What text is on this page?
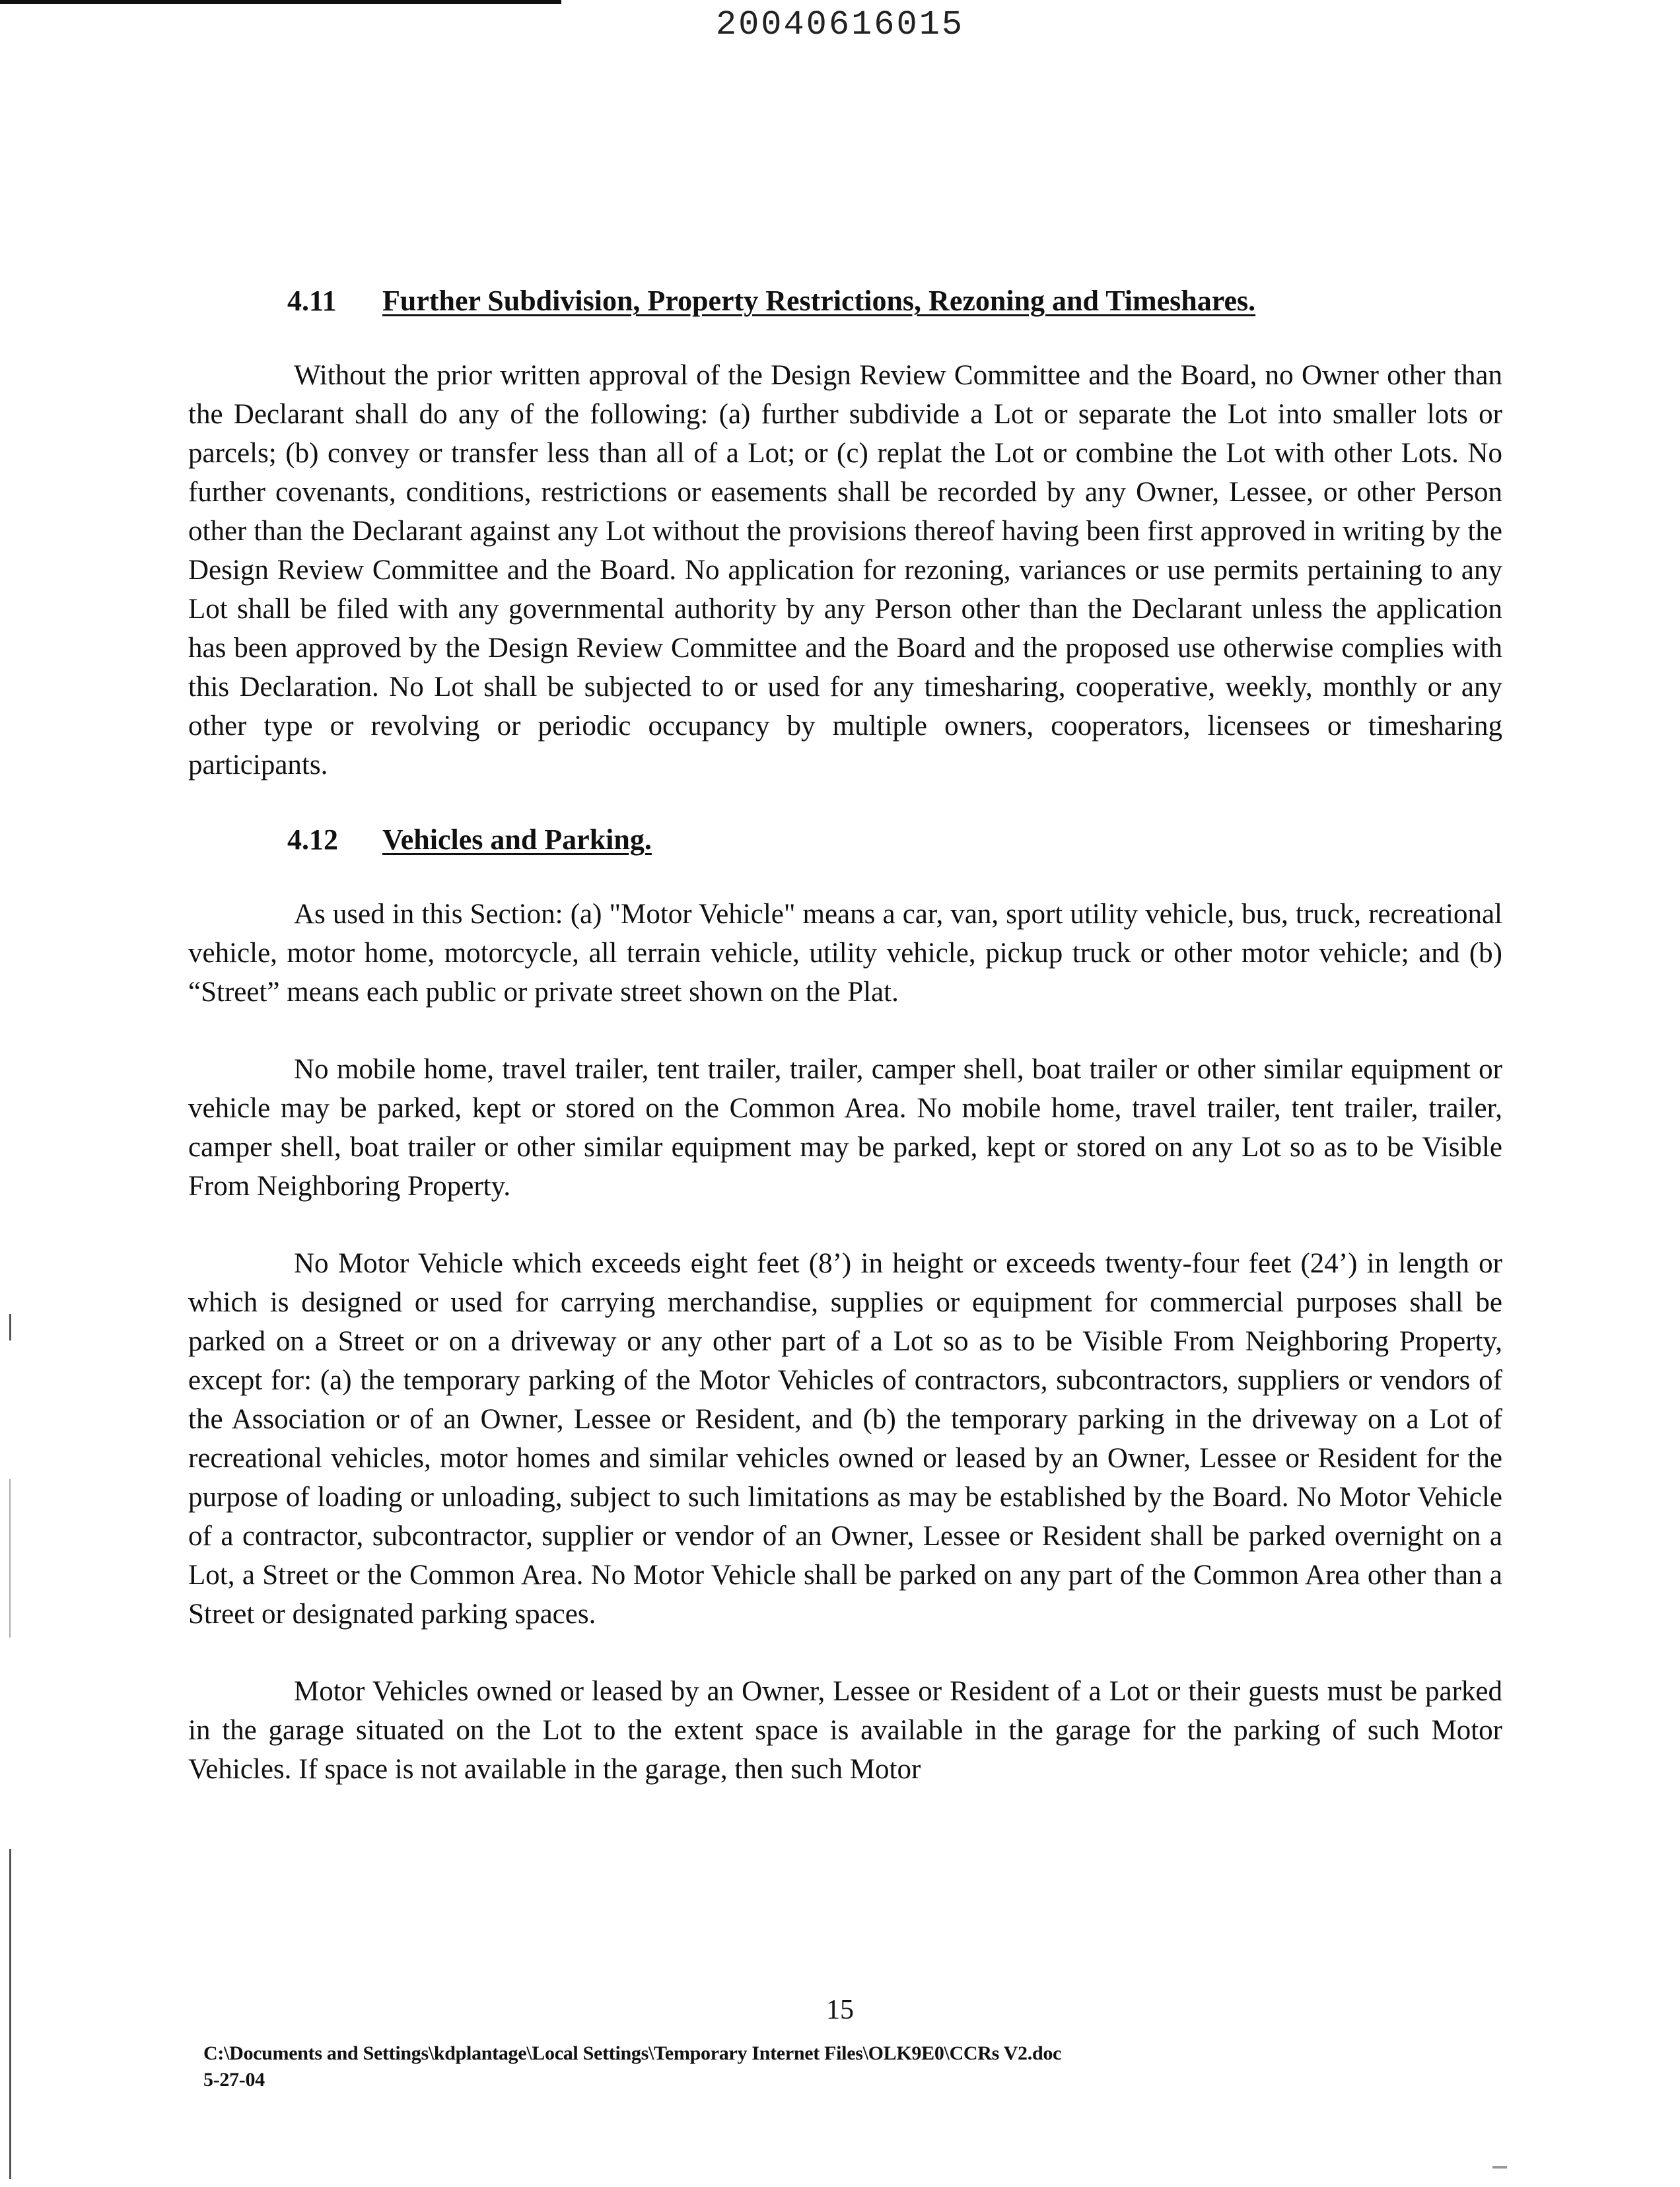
20040616015
4.11	Further Subdivision, Property Restrictions, Rezoning and Timeshares.

Without the prior written approval of the Design Review Committee and the Board, no Owner other than the Declarant shall do any of the following: (a) further subdivide a Lot or separate the Lot into smaller lots or parcels; (b) convey or transfer less than all of a Lot; or (c) replat the Lot or combine the Lot with other Lots. No further covenants, conditions, restrictions or easements shall be recorded by any Owner, Lessee, or other Person other than the Declarant against any Lot without the provisions thereof having been first approved in writing by the Design Review Committee and the Board. No application for rezoning, variances or use permits pertaining to any Lot shall be filed with any governmental authority by any Person other than the Declarant unless the application has been approved by the Design Review Committee and the Board and the proposed use otherwise complies with this Declaration. No Lot shall be subjected to or used for any timesharing, cooperative, weekly, monthly or any other type or revolving or periodic occupancy by multiple owners, cooperators, licensees or timesharing participants.

4.12	Vehicles and Parking.

As used in this Section: (a) "Motor Vehicle" means a car, van, sport utility vehicle, bus, truck, recreational vehicle, motor home, motorcycle, all terrain vehicle, utility vehicle, pickup truck or other motor vehicle; and (b) “Street” means each public or private street shown on the Plat.

No mobile home, travel trailer, tent trailer, trailer, camper shell, boat trailer or other similar equipment or vehicle may be parked, kept or stored on the Common Area. No mobile home, travel trailer, tent trailer, trailer, camper shell, boat trailer or other similar equipment may be parked, kept or stored on any Lot so as to be Visible From Neighboring Property.

No Motor Vehicle which exceeds eight feet (8’) in height or exceeds twenty-four feet (24’) in length or which is designed or used for carrying merchandise, supplies or equipment for commercial purposes shall be parked on a Street or on a driveway or any other part of a Lot so as to be Visible From Neighboring Property, except for: (a) the temporary parking of the Motor Vehicles of contractors, subcontractors, suppliers or vendors of the Association or of an Owner, Lessee or Resident, and (b) the temporary parking in the driveway on a Lot of recreational vehicles, motor homes and similar vehicles owned or leased by an Owner, Lessee or Resident for the purpose of loading or unloading, subject to such limitations as may be established by the Board. No Motor Vehicle of a contractor, subcontractor, supplier or vendor of an Owner, Lessee or Resident shall be parked overnight on a Lot, a Street or the Common Area. No Motor Vehicle shall be parked on any part of the Common Area other than a Street or designated parking spaces.

Motor Vehicles owned or leased by an Owner, Lessee or Resident of a Lot or their guests must be parked in the garage situated on the Lot to the extent space is available in the garage for the parking of such Motor Vehicles. If space is not available in the garage, then such Motor

15
C:\Documents and Settings\kdplantage\Local Settings\Temporary Internet Files\OLK9E0\CCRs V2.doc
5-27-04
